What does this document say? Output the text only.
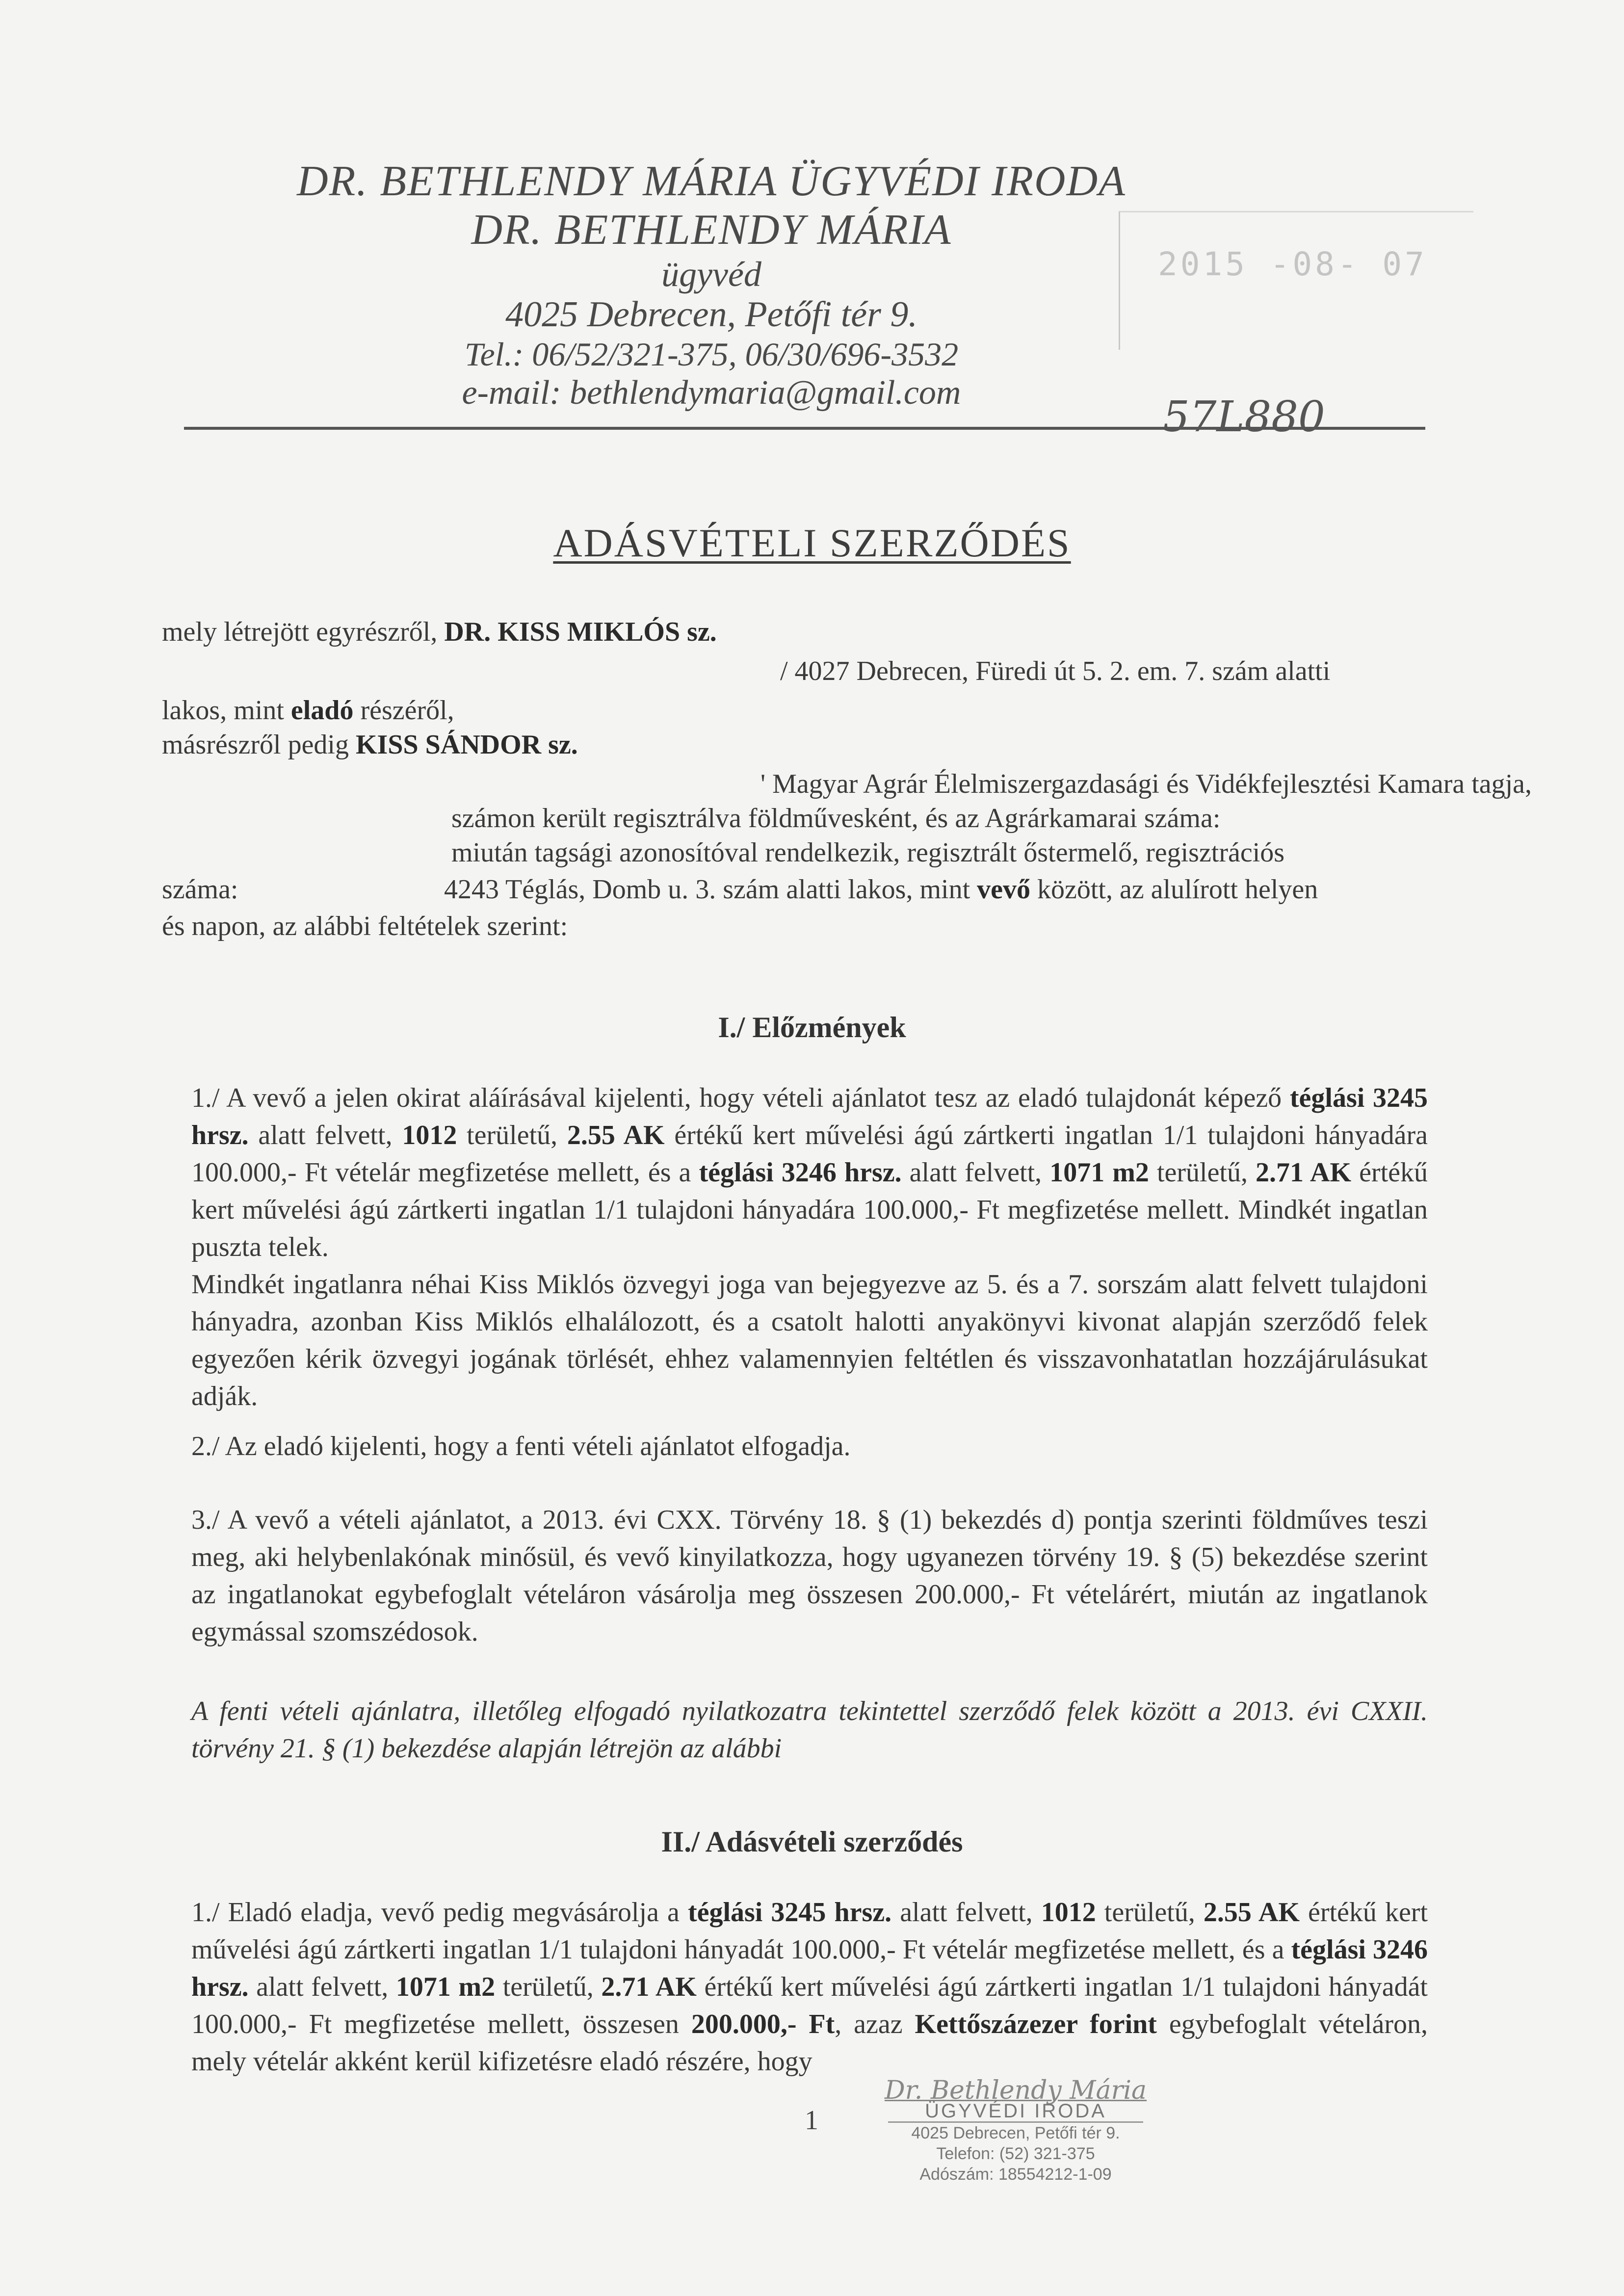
DR. BETHLENDY MÁRIA ÜGYVÉDI IRODA
DR. BETHLENDY MÁRIA
ügyvéd
4025 Debrecen, Petőfi tér 9.
Tel.: 06/52/321-375, 06/30/696-3532
e-mail: bethlendymaria@gmail.com
2015 -08- 07
57L880
ADÁSVÉTELI SZERZŐDÉS
mely létrejött egyrészről, DR. KISS MIKLÓS sz.
/ 4027 Debrecen, Füredi út 5. 2. em. 7. szám alatti
lakos, mint eladó részéről,
másrészről pedig KISS SÁNDOR sz.
' Magyar Agrár Élelmiszergazdasági és Vidékfejlesztési Kamara tagja,
számon került regisztrálva földművesként, és az Agrárkamarai száma:
miután tagsági azonosítóval rendelkezik, regisztrált őstermelő, regisztrációs
száma:	4243 Téglás, Domb u. 3. szám alatti lakos, mint vevő között, az alulírott helyen
és napon, az alábbi feltételek szerint:
I./ Előzmények
1./ A vevő a jelen okirat aláírásával kijelenti, hogy vételi ajánlatot tesz az eladó tulajdonát képező téglási 3245 hrsz. alatt felvett, 1012 területű, 2.55 AK értékű kert művelési ágú zártkerti ingatlan 1/1 tulajdoni hányadára 100.000,- Ft vételár megfizetése mellett, és a téglási 3246 hrsz. alatt felvett, 1071 m2 területű, 2.71 AK értékű kert művelési ágú zártkerti ingatlan 1/1 tulajdoni hányadára 100.000,- Ft megfizetése mellett. Mindkét ingatlan puszta telek.
Mindkét ingatlanra néhai Kiss Miklós özvegyi joga van bejegyezve az 5. és a 7. sorszám alatt felvett tulajdoni hányadra, azonban Kiss Miklós elhalálozott, és a csatolt halotti anyakönyvi kivonat alapján szerződő felek egyezően kérik özvegyi jogának törlését, ehhez valamennyien feltétlen és visszavonhatatlan hozzájárulásukat adják.
2./ Az eladó kijelenti, hogy a fenti vételi ajánlatot elfogadja.
3./ A vevő a vételi ajánlatot, a 2013. évi CXX. Törvény 18. § (1) bekezdés d) pontja szerinti földműves teszi meg, aki helybenlakónak minősül, és vevő kinyilatkozza, hogy ugyanezen törvény 19. § (5) bekezdése szerint az ingatlanokat egybefoglalt vételáron vásárolja meg összesen 200.000,- Ft vételárért, miután az ingatlanok egymással szomszédosok.
A fenti vételi ajánlatra, illetőleg elfogadó nyilatkozatra tekintettel szerződő felek között a 2013. évi CXXII. törvény 21. § (1) bekezdése alapján létrejön az alábbi
II./ Adásvételi szerződés
1./ Eladó eladja, vevő pedig megvásárolja a téglási 3245 hrsz. alatt felvett, 1012 területű, 2.55 AK értékű kert művelési ágú zártkerti ingatlan 1/1 tulajdoni hányadát 100.000,- Ft vételár megfizetése mellett, és a téglási 3246 hrsz. alatt felvett, 1071 m2 területű, 2.71 AK értékű kert művelési ágú zártkerti ingatlan 1/1 tulajdoni hányadát 100.000,- Ft megfizetése mellett, összesen 200.000,- Ft, azaz Kettőszázezer forint egybefoglalt vételáron, mely vételár akként kerül kifizetésre eladó részére, hogy
1
Dr. Bethlendy Mária
ÜGYVÉDI IRODA
4025 Debrecen, Petőfi tér 9.
Telefon: (52) 321-375
Adószám: 18554212-1-09
